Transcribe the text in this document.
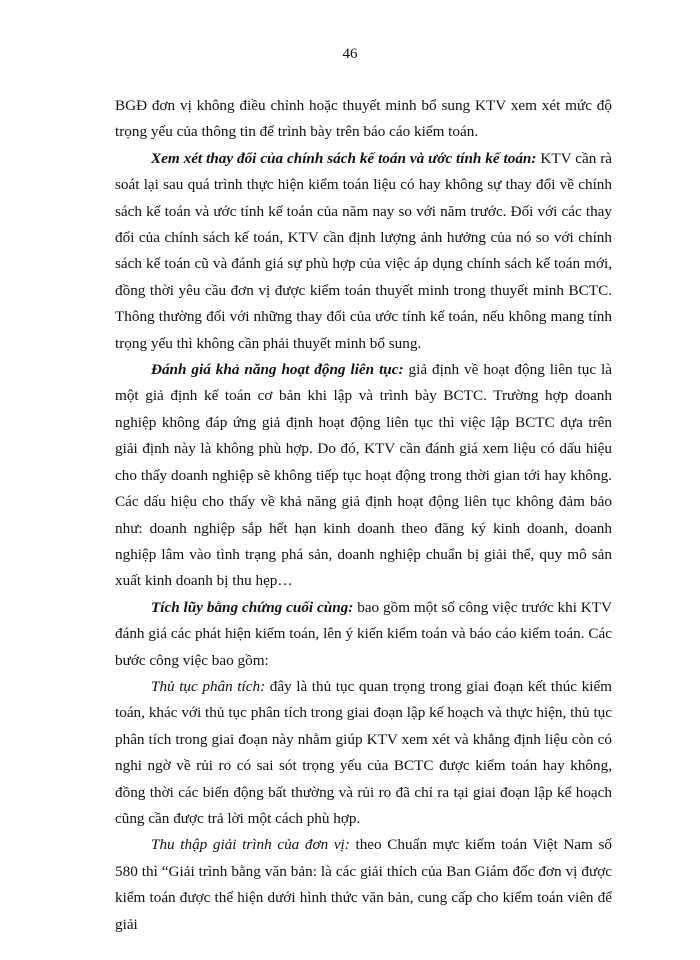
46

BGĐ đơn vị không điều chỉnh hoặc thuyết minh bổ sung KTV xem xét mức độ trọng yếu của thông tin để trình bày trên báo cáo kiểm toán.

Xem xét thay đổi của chính sách kế toán và ước tính kế toán: KTV cần rà soát lại sau quá trình thực hiện kiểm toán liệu có hay không sự thay đổi về chính sách kế toán và ước tính kế toán của năm nay so với năm trước. Đối với các thay đổi của chính sách kế toán, KTV cần định lượng ảnh hưởng của nó so với chính sách kế toán cũ và đánh giá sự phù hợp của việc áp dụng chính sách kế toán mới, đồng thời yêu cầu đơn vị được kiểm toán thuyết minh trong thuyết minh BCTC. Thông thường đối với những thay đổi của ước tính kế toán, nếu không mang tính trọng yếu thì không cần phải thuyết minh bổ sung.

Đánh giá khả năng hoạt động liên tục: giả định về hoạt động liên tục là một giả định kế toán cơ bản khi lập và trình bày BCTC. Trường hợp doanh nghiệp không đáp ứng giả định hoạt động liên tục thì việc lập BCTC dựa trên giải định này là không phù hợp. Do đó, KTV cần đánh giá xem liệu có dấu hiệu cho thấy doanh nghiệp sẽ không tiếp tục hoạt động trong thời gian tới hay không. Các dấu hiệu cho thấy về khả năng giả định hoạt động liên tục không đảm bảo như: doanh nghiệp sắp hết hạn kinh doanh theo đăng ký kinh doanh, doanh nghiệp lâm vào tình trạng phá sản, doanh nghiệp chuẩn bị giải thể, quy mô sản xuất kinh doanh bị thu hẹp…

Tích lũy bằng chứng cuối cùng: bao gồm một số công việc trước khi KTV đánh giá các phát hiện kiểm toán, lên ý kiến kiểm toán và báo cáo kiểm toán. Các bước công việc bao gồm:

Thủ tục phân tích: đây là thủ tục quan trọng trong giai đoạn kết thúc kiểm toán, khác với thủ tục phân tích trong giai đoạn lập kế hoạch và thực hiện, thủ tục phân tích trong giai đoạn này nhằm giúp KTV xem xét và khẳng định liệu còn có nghi ngờ về rủi ro có sai sót trọng yếu của BCTC được kiểm toán hay không, đồng thời các biến động bất thường và rủi ro đã chỉ ra tại giai đoạn lập kế hoạch cũng cần được trả lời một cách phù hợp.

Thu thập giải trình của đơn vị: theo Chuẩn mực kiểm toán Việt Nam số 580 thì “Giải trình bằng văn bản: là các giải thích của Ban Giám đốc đơn vị được kiểm toán được thể hiện dưới hình thức văn bản, cung cấp cho kiểm toán viên để giải
